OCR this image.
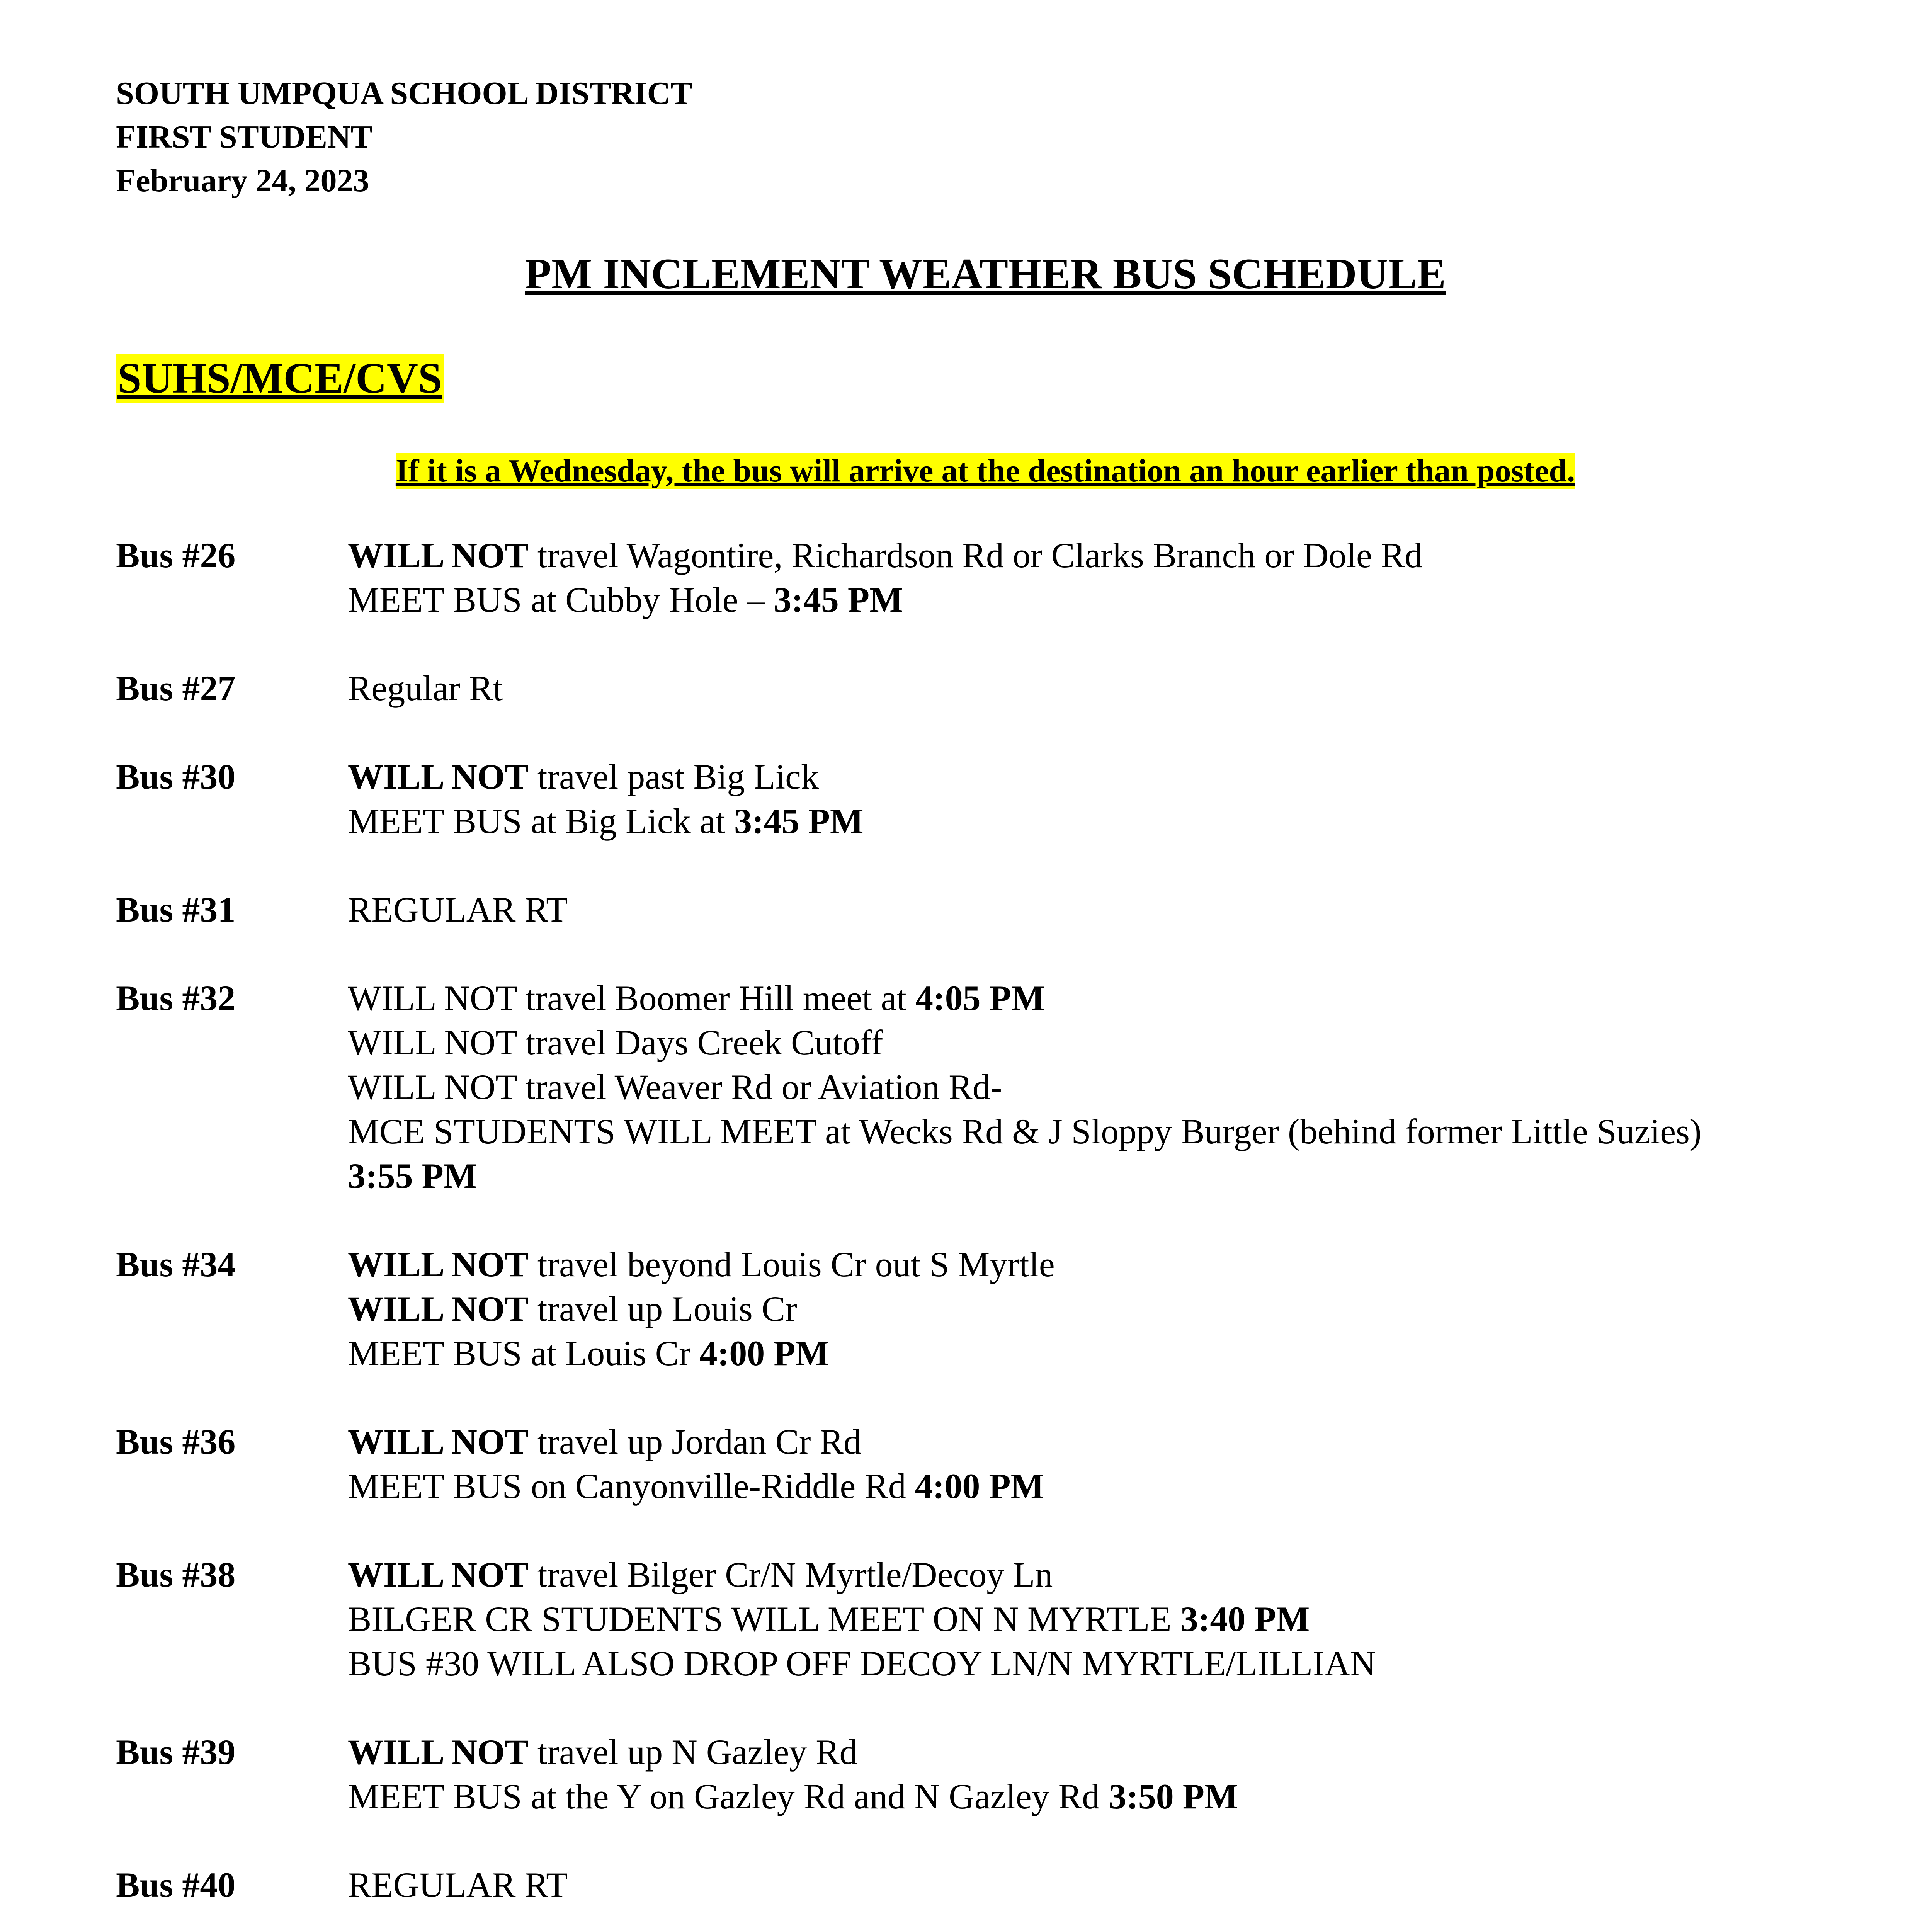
SOUTH UMPQUA SCHOOL DISTRICT
FIRST STUDENT
February 24, 2023
PM INCLEMENT WEATHER BUS SCHEDULE
SUHS/MCE/CVS
If it is a Wednesday, the bus will arrive at the destination an hour earlier than posted.
Bus #26	WILL NOT travel Wagontire, Richardson Rd or Clarks Branch or Dole Rd
MEET BUS at Cubby Hole – 3:45 PM
Bus #27	Regular Rt
Bus #30	WILL NOT travel past Big Lick
MEET BUS at Big Lick at 3:45 PM
Bus #31	REGULAR RT
Bus #32	WILL NOT travel Boomer Hill meet at 4:05 PM
WILL NOT travel Days Creek Cutoff
WILL NOT travel Weaver Rd or Aviation Rd-
MCE STUDENTS WILL MEET at Wecks Rd & J Sloppy Burger (behind former Little Suzies)
3:55 PM
Bus #34	WILL NOT travel beyond Louis Cr out S Myrtle
WILL NOT travel up Louis Cr
MEET BUS at Louis Cr 4:00 PM
Bus #36	WILL NOT travel up Jordan Cr Rd
MEET BUS on Canyonville-Riddle Rd 4:00 PM
Bus #38	WILL NOT travel Bilger Cr/N Myrtle/Decoy Ln
BILGER CR STUDENTS WILL MEET ON N MYRTLE 3:40 PM
BUS #30 WILL ALSO DROP OFF DECOY LN/N MYRTLE/LILLIAN
Bus #39	WILL NOT travel up N Gazley Rd
MEET BUS at the Y on Gazley Rd and N Gazley Rd 3:50 PM
Bus #40	REGULAR RT
